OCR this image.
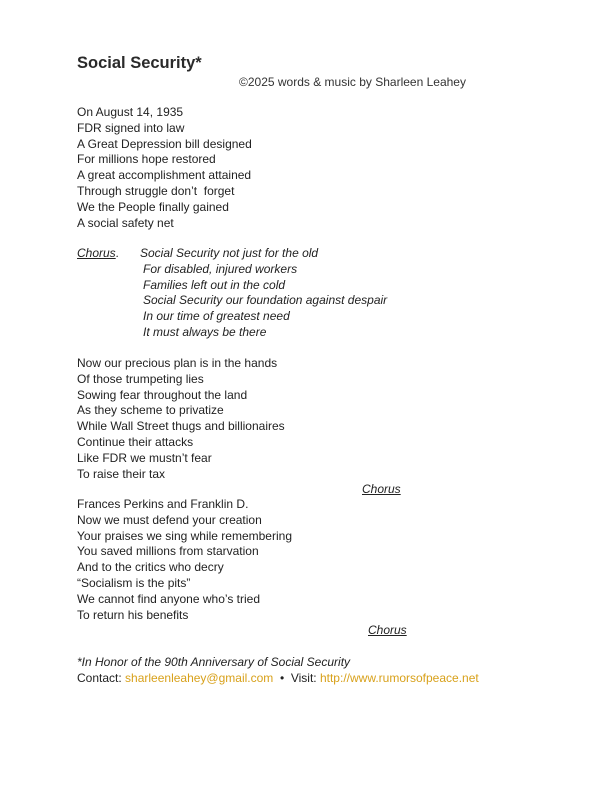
Social Security*
©2025 words & music by Sharleen Leahey
On August 14, 1935
FDR signed into law
A Great Depression bill designed
For millions hope restored
A great accomplishment attained
Through struggle don’t  forget
We the People finally gained
A social safety net
Chorus . Social Security not just for the old
For disabled, injured workers
Families left out in the cold
Social Security our foundation against despair
In our time of greatest need
It must always be there
Now our precious plan is in the hands
Of those trumpeting lies
Sowing fear throughout the land
As they scheme to privatize
While Wall Street thugs and billionaires
Continue their attacks
Like FDR we mustn’t fear
To raise their tax
Chorus
Frances Perkins and Franklin D.
Now we must defend your creation
Your praises we sing while remembering
You saved millions from starvation
And to the critics who decry
“Socialism is the pits”
We cannot find anyone who’s tried
To return his benefits
Chorus
*In Honor of the 90th Anniversary of Social Security
Contact: sharleenleahey@gmail.com  •  Visit: http://www.rumorsofpeace.net
